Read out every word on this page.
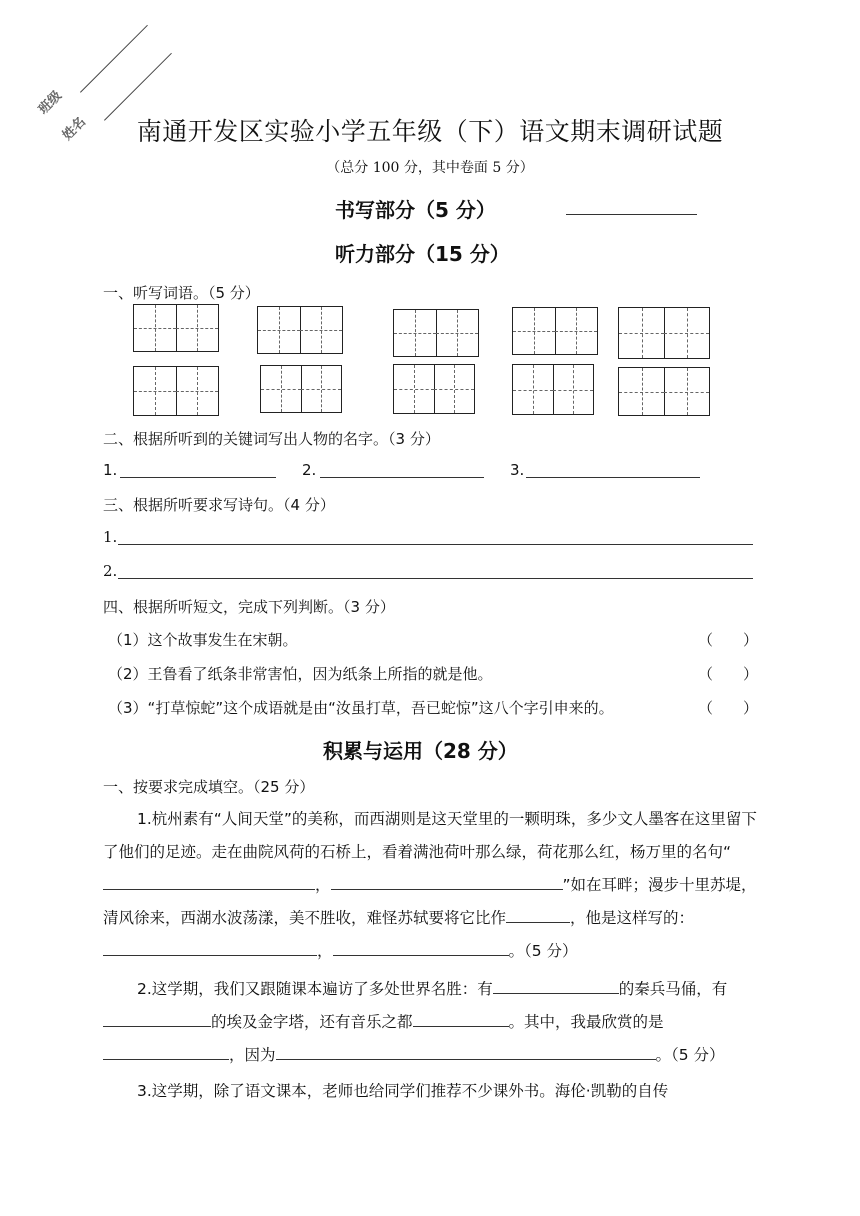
班级
姓名	南通开发区实验小学五年级（下）语文期末调研试题
（总分 100 分，其中卷面 5 分）
书写部分（5 分）
听力部分（15 分）
一、听写词语。（5 分）
二、根据所听到的关键词写出人物的名字。（3 分）
1.	2.	3.
三、根据所听要求写诗句。（4 分）
1.
2.
四、根据所听短文，完成下列判断。（3 分）
（1）这个故事发生在宋朝。	（　　）
（2）王鲁看了纸条非常害怕，因为纸条上所指的就是他。	（　　）
（3）“打草惊蛇”这个成语就是由“汝虽打草，吾已蛇惊”这八个字引申来的。	（　　）
积累与运用（28 分）
一、按要求完成填空。（25 分）

1.杭州素有“人间天堂”的美称，而西湖则是这天堂里的一颗明珠，多少文人墨客在这里留下了他们的足迹。走在曲院风荷的石桥上，看着满池荷叶那么绿，荷花那么红，杨万里的名句“，	”如在耳畔；漫步十里苏堤，清风徐来，西湖水波荡漾，美不胜收，难怪苏轼要将它比作	，他是这样写的：，	。（5 分）

2.这学期，我们又跟随课本遍访了多处世界名胜：有	的秦兵马俑，有的埃及金字塔，还有音乐之都	。其中，我最欣赏的是，因为	。（5 分）

3.这学期，除了语文课本，老师也给同学们推荐不少课外书。海伦·凯勒的自传
